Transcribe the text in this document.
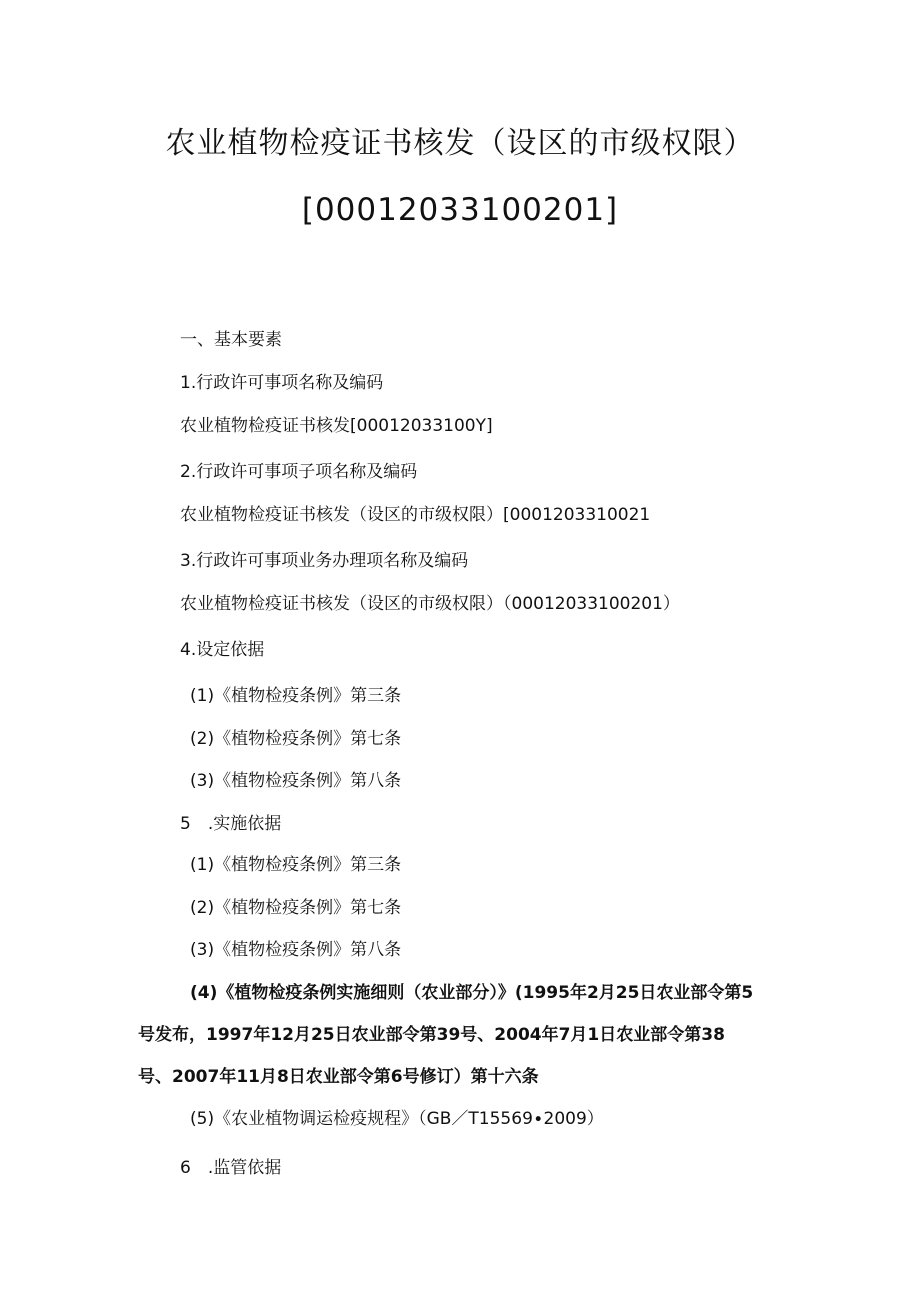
农业植物检疫证书核发（设区的市级权限）
[00012033100201]
一、基本要素
1.行政许可事项名称及编码
农业植物检疫证书核发[00012033100Y]
2.行政许可事项子项名称及编码
农业植物检疫证书核发（设区的市级权限）[0001203310021
3.行政许可事项业务办理项名称及编码
农业植物检疫证书核发（设区的市级权限）（00012033100201）
4.设定依据
(1)《植物检疫条例》第三条
(2)《植物检疫条例》第七条
(3)《植物检疫条例》第八条
5　.实施依据
(1)《植物检疫条例》第三条
(2)《植物检疫条例》第七条
(3)《植物检疫条例》第八条
(4)《植物检疫条例实施细则（农业部分）》(1995年2月25日农业部令第5
号发布，1997年12月25日农业部令第39号、2004年7月1日农业部令第38
号、2007年11月8日农业部令第6号修订）第十六条
(5)《农业植物调运检疫规程》（GB／T15569∙2009）
6　.监管依据
